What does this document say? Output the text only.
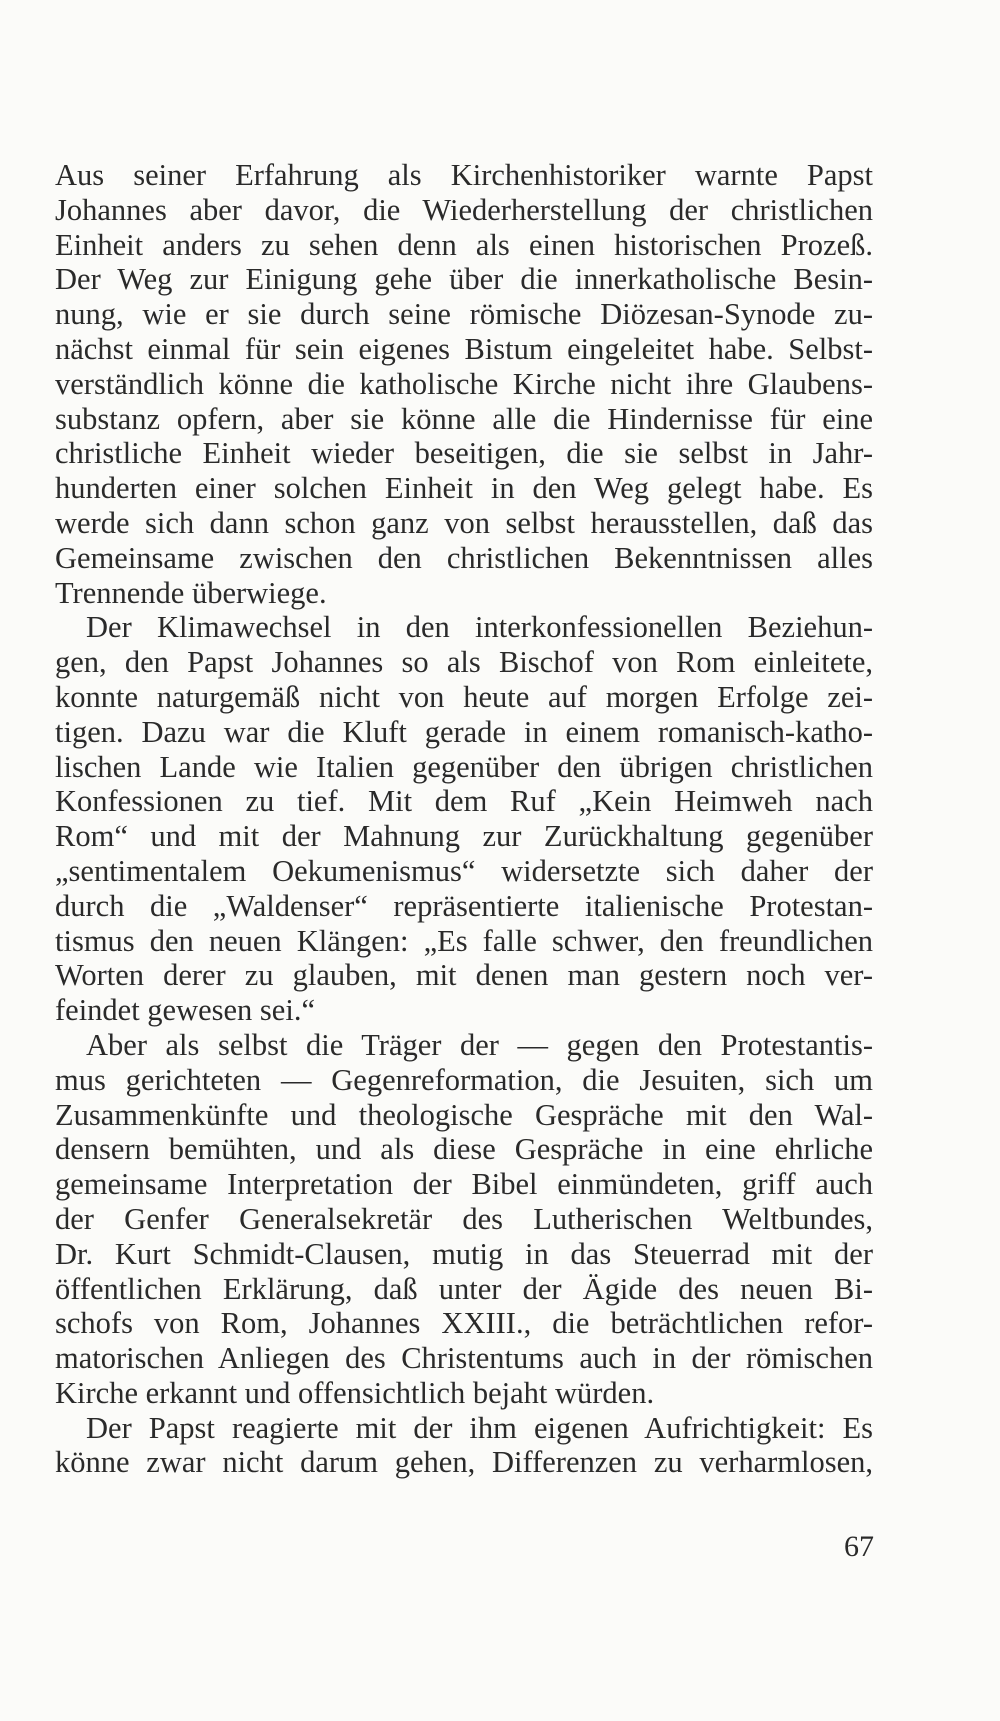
Aus seiner Erfahrung als Kirchenhistoriker warnte Papst
Johannes aber davor, die Wiederherstellung der christlichen
Einheit anders zu sehen denn als einen historischen Prozeß.
Der Weg zur Einigung gehe über die innerkatholische Besin-
nung, wie er sie durch seine römische Diözesan-Synode zu-
nächst einmal für sein eigenes Bistum eingeleitet habe. Selbst-
verständlich könne die katholische Kirche nicht ihre Glaubens-
substanz opfern, aber sie könne alle die Hindernisse für eine
christliche Einheit wieder beseitigen, die sie selbst in Jahr-
hunderten einer solchen Einheit in den Weg gelegt habe. Es
werde sich dann schon ganz von selbst herausstellen, daß das
Gemeinsame zwischen den christlichen Bekenntnissen alles
Trennende überwiege.
Der Klimawechsel in den interkonfessionellen Beziehun-
gen, den Papst Johannes so als Bischof von Rom einleitete,
konnte naturgemäß nicht von heute auf morgen Erfolge zei-
tigen. Dazu war die Kluft gerade in einem romanisch-katho-
lischen Lande wie Italien gegenüber den übrigen christlichen
Konfessionen zu tief. Mit dem Ruf „Kein Heimweh nach
Rom“ und mit der Mahnung zur Zurückhaltung gegenüber
„sentimentalem Oekumenismus“ widersetzte sich daher der
durch die „Waldenser“ repräsentierte italienische Protestan-
tismus den neuen Klängen: „Es falle schwer, den freundlichen
Worten derer zu glauben, mit denen man gestern noch ver-
feindet gewesen sei.“
Aber als selbst die Träger der — gegen den Protestantis-
mus gerichteten — Gegenreformation, die Jesuiten, sich um
Zusammenkünfte und theologische Gespräche mit den Wal-
densern bemühten, und als diese Gespräche in eine ehrliche
gemeinsame Interpretation der Bibel einmündeten, griff auch
der Genfer Generalsekretär des Lutherischen Weltbundes,
Dr. Kurt Schmidt-Clausen, mutig in das Steuerrad mit der
öffentlichen Erklärung, daß unter der Ägide des neuen Bi-
schofs von Rom, Johannes XXIII., die beträchtlichen refor-
matorischen Anliegen des Christentums auch in der römischen
Kirche erkannt und offensichtlich bejaht würden.
Der Papst reagierte mit der ihm eigenen Aufrichtigkeit: Es
könne zwar nicht darum gehen, Differenzen zu verharmlosen,
67
